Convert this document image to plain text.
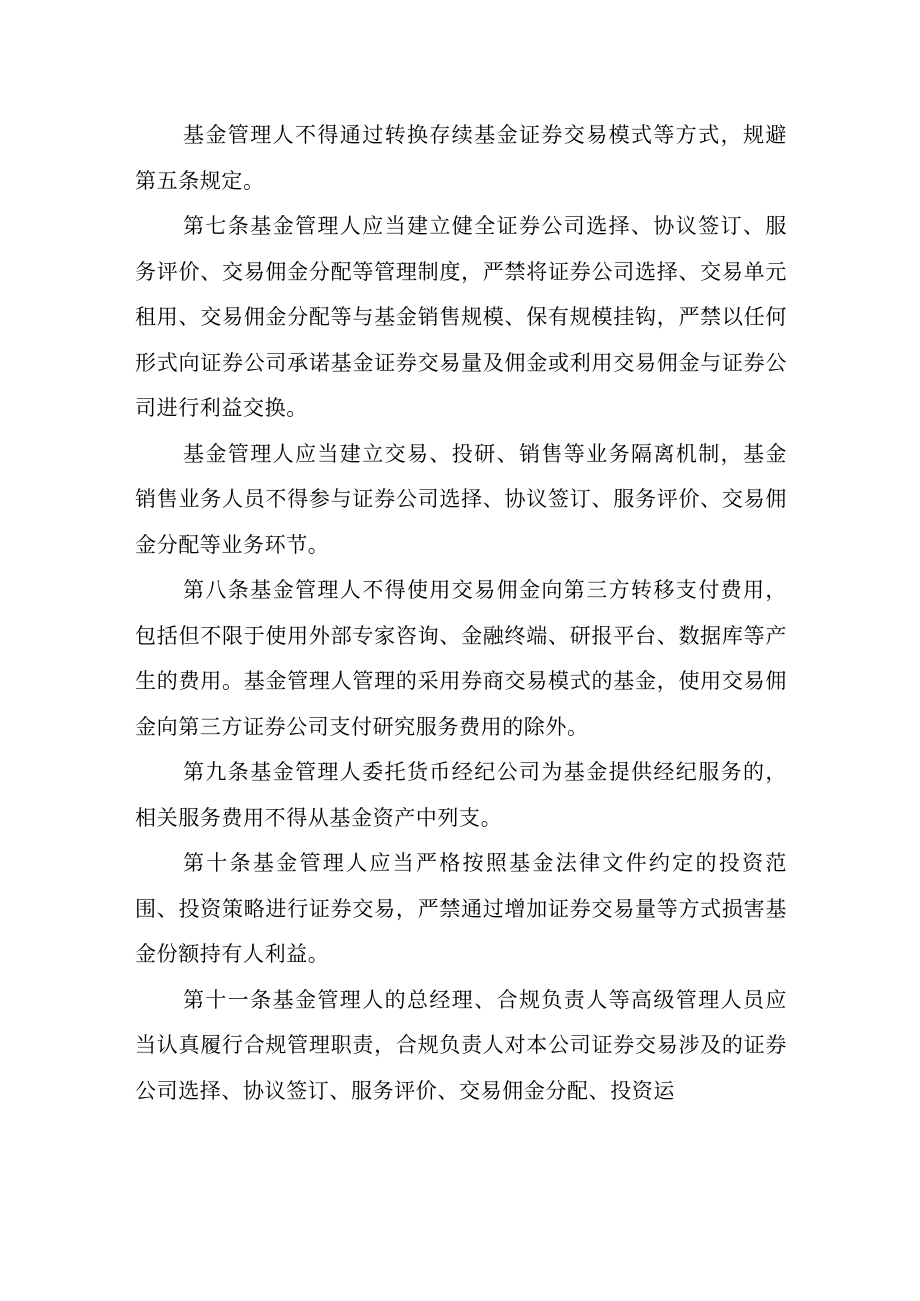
基金管理人不得通过转换存续基金证券交易模式等方式，规避第五条规定。

第七条基金管理人应当建立健全证券公司选择、协议签订、服务评价、交易佣金分配等管理制度，严禁将证券公司选择、交易单元租用、交易佣金分配等与基金销售规模、保有规模挂钩，严禁以任何形式向证券公司承诺基金证券交易量及佣金或利用交易佣金与证券公司进行利益交换。

基金管理人应当建立交易、投研、销售等业务隔离机制，基金销售业务人员不得参与证券公司选择、协议签订、服务评价、交易佣金分配等业务环节。

第八条基金管理人不得使用交易佣金向第三方转移支付费用，包括但不限于使用外部专家咨询、金融终端、研报平台、数据库等产生的费用。基金管理人管理的采用券商交易模式的基金，使用交易佣金向第三方证券公司支付研究服务费用的除外。

第九条基金管理人委托货币经纪公司为基金提供经纪服务的，相关服务费用不得从基金资产中列支。

第十条基金管理人应当严格按照基金法律文件约定的投资范围、投资策略进行证券交易，严禁通过增加证券交易量等方式损害基金份额持有人利益。

第十一条基金管理人的总经理、合规负责人等高级管理人员应当认真履行合规管理职责，合规负责人对本公司证券交易涉及的证券公司选择、协议签订、服务评价、交易佣金分配、投资运
